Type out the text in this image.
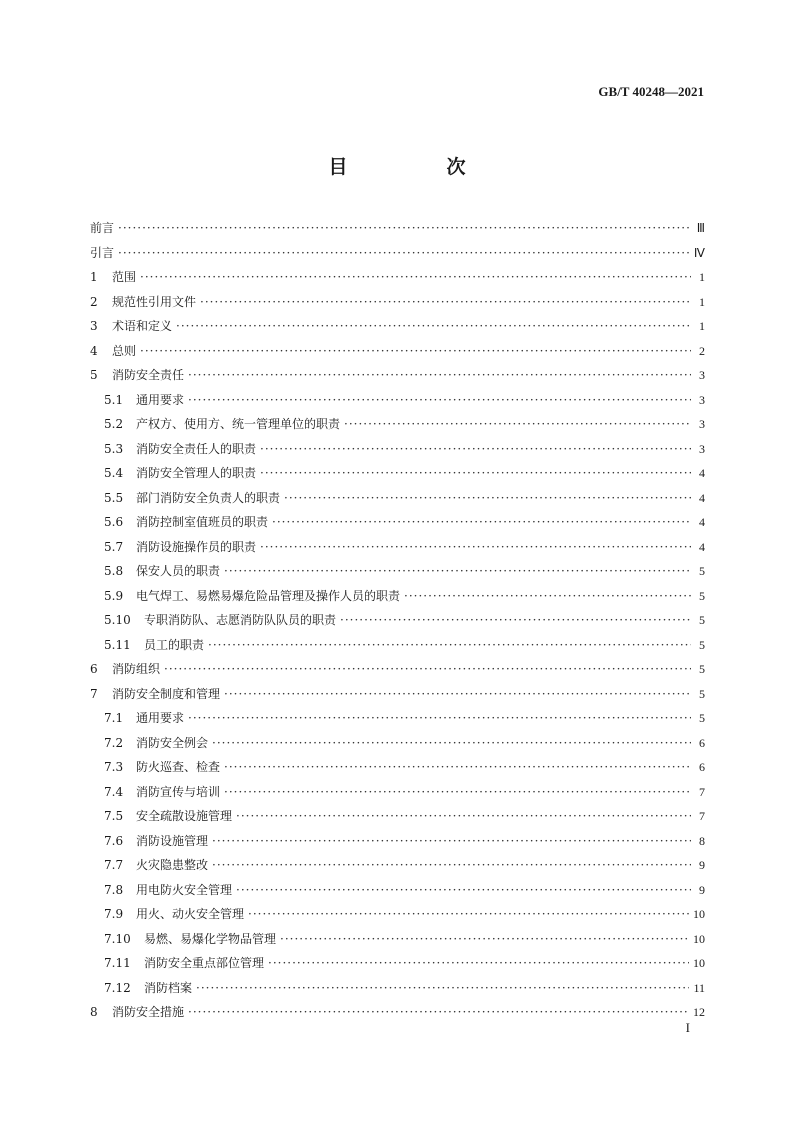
GB/T 40248—2021
目　次
前言 ·····	Ⅲ
引言 ·····	Ⅳ
1	范围 ·····	1
2	规范性引用文件 ·····	1
3	术语和定义 ·····	1
4	总则 ·····	2
5	消防安全责任 ·····	3
5.1	通用要求 ·····	3
5.2	产权方、使用方、统一管理单位的职责 ·····	3
5.3	消防安全责任人的职责 ·····	3
5.4	消防安全管理人的职责 ·····	4
5.5	部门消防安全负责人的职责 ·····	4
5.6	消防控制室值班员的职责 ·····	4
5.7	消防设施操作员的职责 ·····	4
5.8	保安人员的职责 ·····	5
5.9	电气焊工、易燃易爆危险品管理及操作人员的职责 ·····	5
5.10	专职消防队、志愿消防队队员的职责 ·····	5
5.11	员工的职责 ·····	5
6	消防组织 ·····	5
7	消防安全制度和管理 ·····	5
7.1	通用要求 ·····	5
7.2	消防安全例会 ·····	6
7.3	防火巡查、检查 ·····	6
7.4	消防宣传与培训 ·····	7
7.5	安全疏散设施管理 ·····	7
7.6	消防设施管理 ·····	8
7.7	火灾隐患整改 ·····	9
7.8	用电防火安全管理 ·····	9
7.9	用火、动火安全管理 ·····	10
7.10	易燃、易爆化学物品管理 ·····	10
7.11	消防安全重点部位管理 ·····	10
7.12	消防档案 ·····	11
8	消防安全措施 ·····	12
I
